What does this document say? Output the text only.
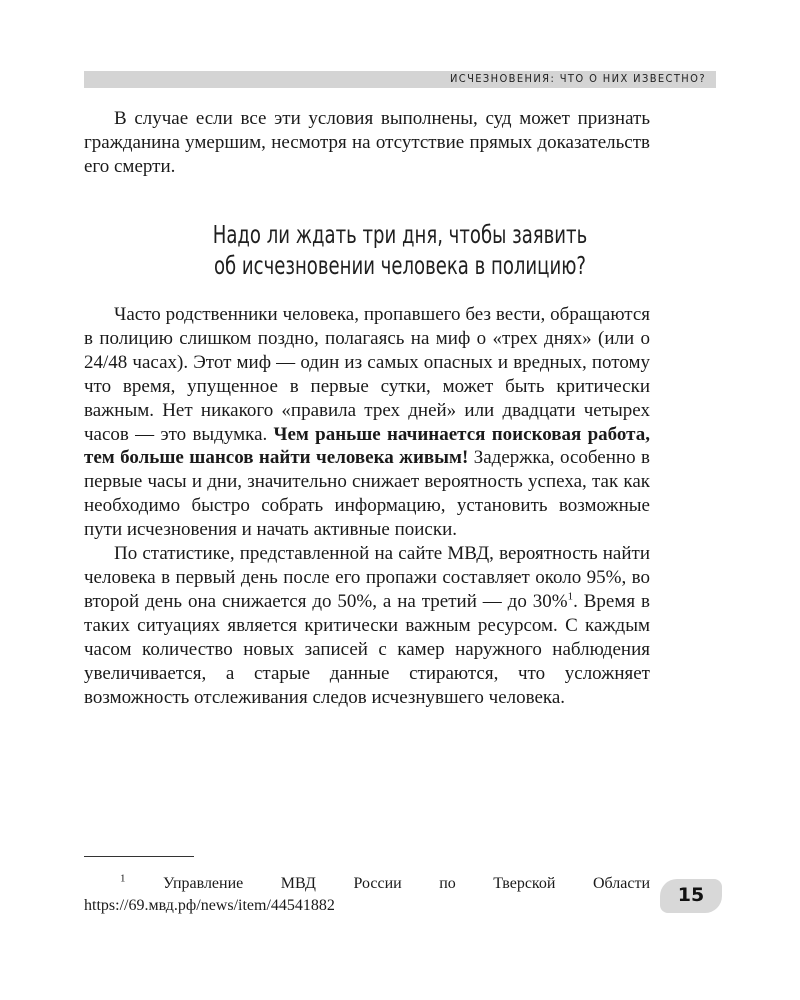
ИСЧЕЗНОВЕНИЯ: ЧТО О НИХ ИЗВЕСТНО?

В случае если все эти условия выполнены, суд может признать гражданина умершим, несмотря на отсутствие прямых доказательств его смерти.

Надо ли ждать три дня, чтобы заявить
об исчезновении человека в полицию?

Часто родственники человека, пропавшего без вести, обращаются в полицию слишком поздно, полагаясь на миф о «трех днях» (или о 24/48 часах). Этот миф — один из самых опасных и вредных, потому что время, упущенное в первые сутки, может быть критически важным. Нет никакого «правила трех дней» или двадцати четырех часов — это выдумка. Чем раньше начинается поисковая работа, тем больше шансов найти человека живым! Задержка, особенно в первые часы и дни, значительно снижает вероятность успеха, так как необходимо быстро собрать информацию, установить возможные пути исчезновения и начать активные поиски.

По статистике, представленной на сайте МВД, вероятность найти человека в первый день после его пропажи составляет около 95%, во второй день она снижается до 50%, а на третий — до 30%$^1$. Время в таких ситуациях является критически важным ресурсом. С каждым часом количество новых записей с камер наружного наблюдения увеличивается, а старые данные стираются, что усложняет возможность отслеживания следов исчезнувшего человека.

$^1$ Управление МВД России по Тверской Области https://69.мвд.рф/news/item/44541882	15
